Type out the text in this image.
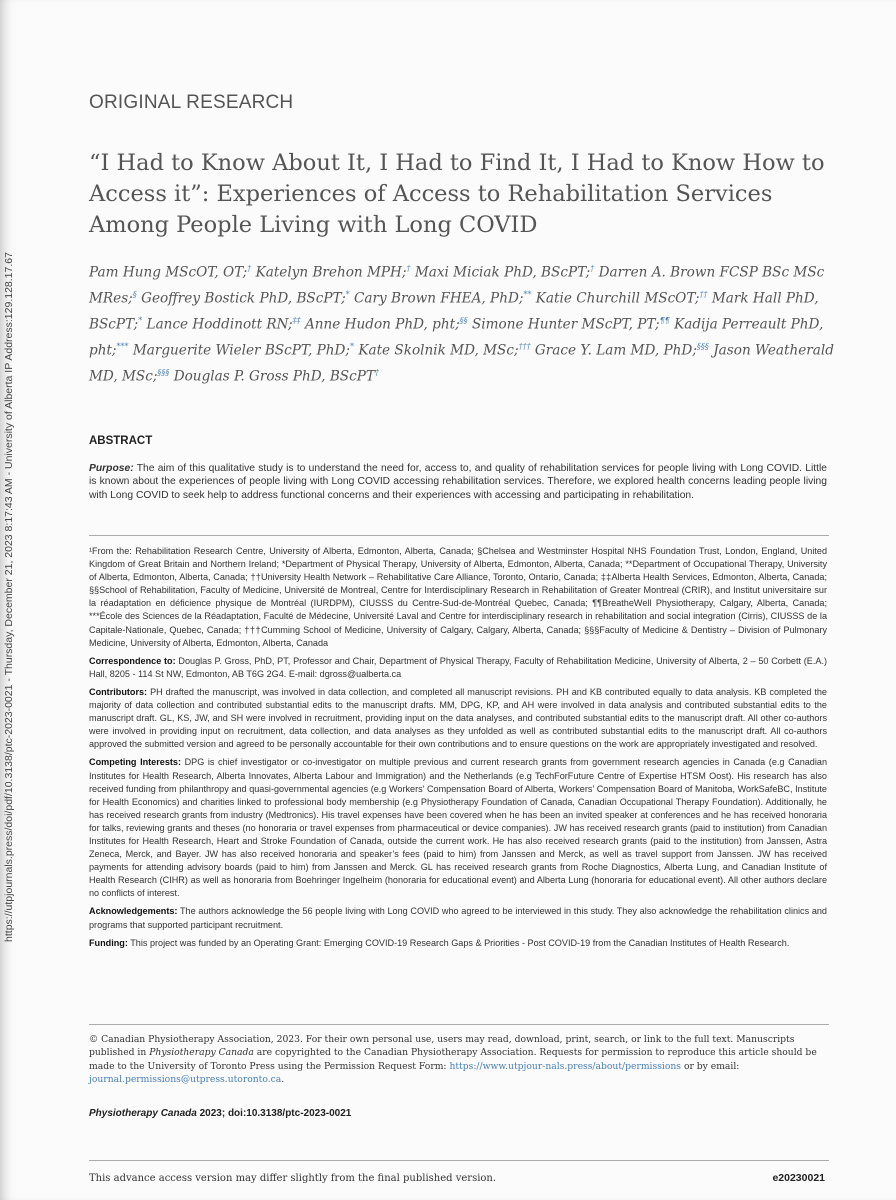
https://utpjournals.press/doi/pdf/10.3138/ptc-2023-0021 - Thursday, December 21, 2023 8:17:43 AM - University of Alberta IP Address:129.128.17.67
ORIGINAL RESEARCH
“I Had to Know About It, I Had to Find It, I Had to Know How to Access it”: Experiences of Access to Rehabilitation Services Among People Living with Long COVID
Pam Hung MScOT, OT;† Katelyn Brehon MPH;† Maxi Miciak PhD, BScPT;† Darren A. Brown FCSP BSc MSc MRes;§ Geoffrey Bostick PhD, BScPT;* Cary Brown FHEA, PhD;** Katie Churchill MScOT;†† Mark Hall PhD, BScPT;* Lance Hoddinott RN;‡‡ Anne Hudon PhD, pht;§§ Simone Hunter MScPT, PT;¶¶ Kadija Perreault PhD, pht;*** Marguerite Wieler BScPT, PhD;* Kate Skolnik MD, MSc;††† Grace Y. Lam MD, PhD;§§§ Jason Weatherald MD, MSc;§§§ Douglas P. Gross PhD, BScPT†
ABSTRACT
Purpose: The aim of this qualitative study is to understand the need for, access to, and quality of rehabilitation services for people living with Long COVID. Little is known about the experiences of people living with Long COVID accessing rehabilitation services. Therefore, we explored health concerns leading people living with Long COVID to seek help to address functional concerns and their experiences with accessing and participating in rehabilitation.

¹From the: Rehabilitation Research Centre, University of Alberta, Edmonton, Alberta, Canada; §Chelsea and Westminster Hospital NHS Foundation Trust, London, England, United Kingdom of Great Britain and Northern Ireland; *Department of Physical Therapy, University of Alberta, Edmonton, Alberta, Canada; **Department of Occupational Therapy, University of Alberta, Edmonton, Alberta, Canada; ††University Health Network – Rehabilitative Care Alliance, Toronto, Ontario, Canada; ‡‡Alberta Health Services, Edmonton, Alberta, Canada; §§School of Rehabilitation, Faculty of Medicine, Université de Montreal, Centre for Interdisciplinary Research in Rehabilitation of Greater Montreal (CRIR), and Institut universitaire sur la réadaptation en déficience physique de Montréal (IURDPM), CIUSSS du Centre-Sud-de-Montréal Quebec, Canada; ¶¶BreatheWell Physiotherapy, Calgary, Alberta, Canada; ***École des Sciences de la Réadaptation, Faculté de Médecine, Université Laval and Centre for interdisciplinary research in rehabilitation and social integration (Cirris), CIUSSS de la Capitale-Nationale, Quebec, Canada; †††Cumming School of Medicine, University of Calgary, Calgary, Alberta, Canada; §§§Faculty of Medicine & Dentistry – Division of Pulmonary Medicine, University of Alberta, Edmonton, Alberta, Canada

Correspondence to: Douglas P. Gross, PhD, PT, Professor and Chair, Department of Physical Therapy, Faculty of Rehabilitation Medicine, University of Alberta, 2 – 50 Corbett (E.A.) Hall, 8205 - 114 St NW, Edmonton, AB T6G 2G4. E-mail: dgross@ualberta.ca

Contributors: PH drafted the manuscript, was involved in data collection, and completed all manuscript revisions. PH and KB contributed equally to data analysis. KB completed the majority of data collection and contributed substantial edits to the manuscript drafts. MM, DPG, KP, and AH were involved in data analysis and contributed substantial edits to the manuscript draft. GL, KS, JW, and SH were involved in recruitment, providing input on the data analyses, and contributed substantial edits to the manuscript draft. All other co-authors were involved in providing input on recruitment, data collection, and data analyses as they unfolded as well as contributed substantial edits to the manuscript draft. All co-authors approved the submitted version and agreed to be personally accountable for their own contributions and to ensure questions on the work are appropriately investigated and resolved.

Competing Interests: DPG is chief investigator or co-investigator on multiple previous and current research grants from government research agencies in Canada (e.g Canadian Institutes for Health Research, Alberta Innovates, Alberta Labour and Immigration) and the Netherlands (e.g TechForFuture Centre of Expertise HTSM Oost). His research has also received funding from philanthropy and quasi-governmental agencies (e.g Workers’ Compensation Board of Alberta, Workers’ Compensation Board of Manitoba, WorkSafeBC, Institute for Health Economics) and charities linked to professional body membership (e.g Physiotherapy Foundation of Canada, Canadian Occupational Therapy Foundation). Additionally, he has received research grants from industry (Medtronics). His travel expenses have been covered when he has been an invited speaker at conferences and he has received honoraria for talks, reviewing grants and theses (no honoraria or travel expenses from pharmaceutical or device companies). JW has received research grants (paid to institution) from Canadian Institutes for Health Research, Heart and Stroke Foundation of Canada, outside the current work. He has also received research grants (paid to the institution) from Janssen, Astra Zeneca, Merck, and Bayer. JW has also received honoraria and speaker’s fees (paid to him) from Janssen and Merck, as well as travel support from Janssen. JW has received payments for attending advisory boards (paid to him) from Janssen and Merck. GL has received research grants from Roche Diagnostics, Alberta Lung, and Canadian Institute of Health Research (CIHR) as well as honoraria from Boehringer Ingelheim (honoraria for educational event) and Alberta Lung (honoraria for educational event). All other authors declare no conflicts of interest.

Acknowledgements: The authors acknowledge the 56 people living with Long COVID who agreed to be interviewed in this study. They also acknowledge the rehabilitation clinics and programs that supported participant recruitment.

Funding: This project was funded by an Operating Grant: Emerging COVID-19 Research Gaps & Priorities - Post COVID-19 from the Canadian Institutes of Health Research.

© Canadian Physiotherapy Association, 2023. For their own personal use, users may read, download, print, search, or link to the full text. Manuscripts published in Physiotherapy Canada are copyrighted to the Canadian Physiotherapy Association. Requests for permission to reproduce this article should be made to the University of Toronto Press using the Permission Request Form: https://www.utpjour-nals.press/about/permissions or by email: journal.permissions@utpress.utoronto.ca.
Physiotherapy Canada 2023; doi:10.3138/ptc-2023-0021
This advance access version may differ slightly from the final published version.	e20230021
